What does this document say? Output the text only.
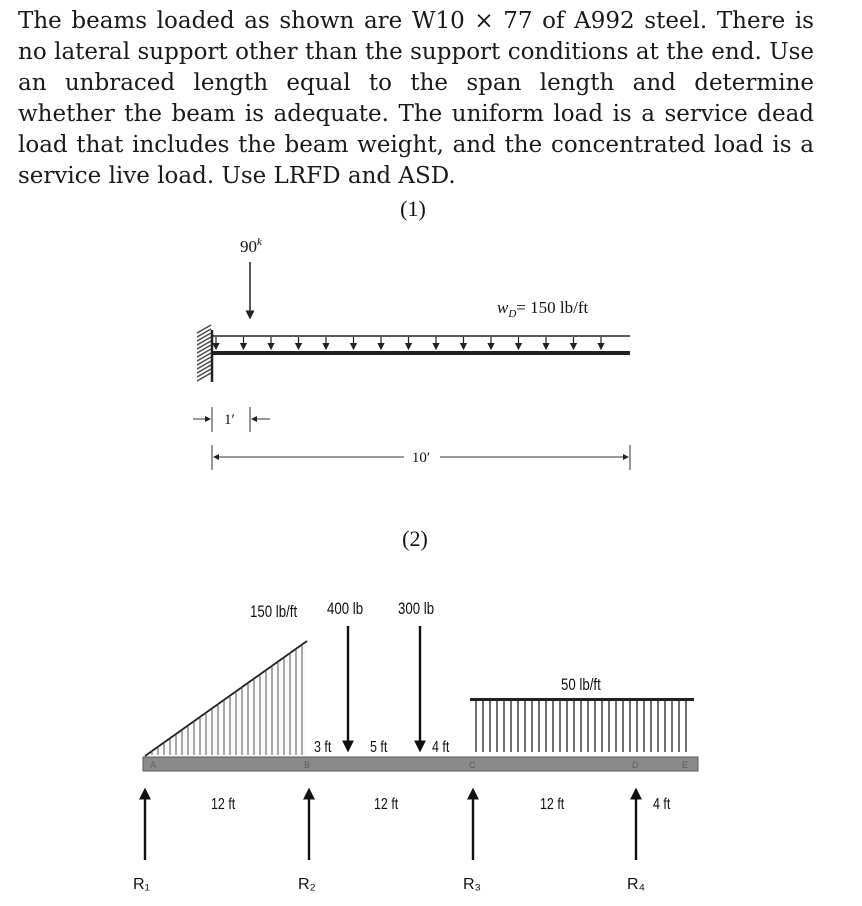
The beams loaded as shown are W10 × 77 of A992 steel. There is no lateral support other than the support conditions at the end. Use an unbraced length equal to the span length and determine whether the beam is adequate. The uniform load is a service dead load that includes the beam weight, and the concentrated load is a service live load. Use LRFD and ASD.

(1)
90$^k$
$w_D= 150$ lb/ft
1′
10′
(2)
A	B	C	D	E
150 lb/ft 400 lb 300 lb
50 lb/ft
3 ft 5 ft	4 ft
12 ft	12 ft	12 ft	4 ft
R₁	R₂	R₃	R₄
